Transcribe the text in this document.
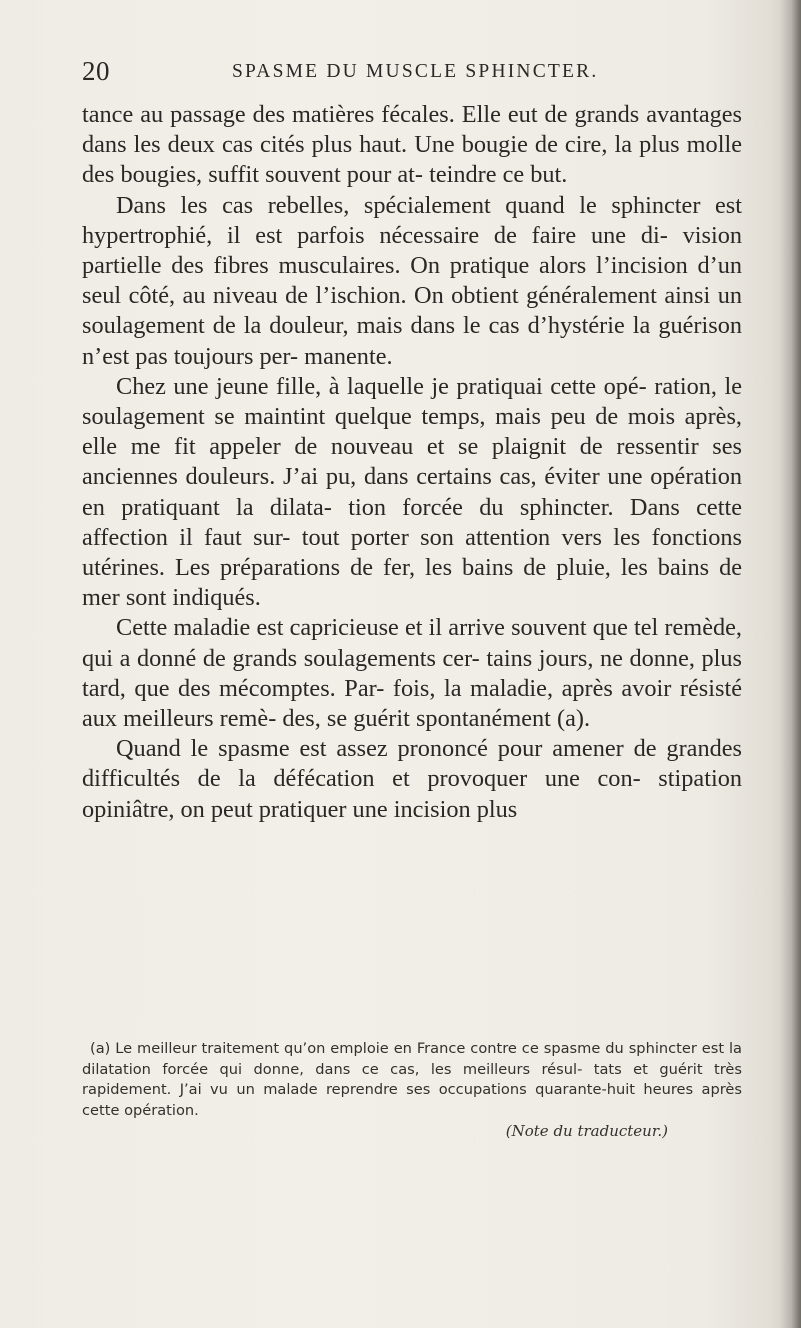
20	SPASME DU MUSCLE SPHINCTER.

tance au passage des matières fécales. Elle eut de grands avantages dans les deux cas cités plus haut. Une bougie de cire, la plus molle des bougies, suffit souvent pour at- teindre ce but.

Dans les cas rebelles, spécialement quand le sphincter est hypertrophié, il est parfois nécessaire de faire une di- vision partielle des fibres musculaires. On pratique alors l’incision d’un seul côté, au niveau de l’ischion. On obtient généralement ainsi un soulagement de la douleur, mais dans le cas d’hystérie la guérison n’est pas toujours per- manente.

Chez une jeune fille, à laquelle je pratiquai cette opé- ration, le soulagement se maintint quelque temps, mais peu de mois après, elle me fit appeler de nouveau et se plaignit de ressentir ses anciennes douleurs. J’ai pu, dans certains cas, éviter une opération en pratiquant la dilata- tion forcée du sphincter. Dans cette affection il faut sur- tout porter son attention vers les fonctions utérines. Les préparations de fer, les bains de pluie, les bains de mer sont indiqués.

Cette maladie est capricieuse et il arrive souvent que tel remède, qui a donné de grands soulagements cer- tains jours, ne donne, plus tard, que des mécomptes. Par- fois, la maladie, après avoir résisté aux meilleurs remè- des, se guérit spontanément (a).

Quand le spasme est assez prononcé pour amener de grandes difficultés de la défécation et provoquer une con- stipation opiniâtre, on peut pratiquer une incision plus

(a) Le meilleur traitement qu’on emploie en France contre ce spasme du sphincter est la dilatation forcée qui donne, dans ce cas, les meilleurs résul- tats et guérit très rapidement. J’ai vu un malade reprendre ses occupations quarante-huit heures après cette opération.

(Note du traducteur.)
